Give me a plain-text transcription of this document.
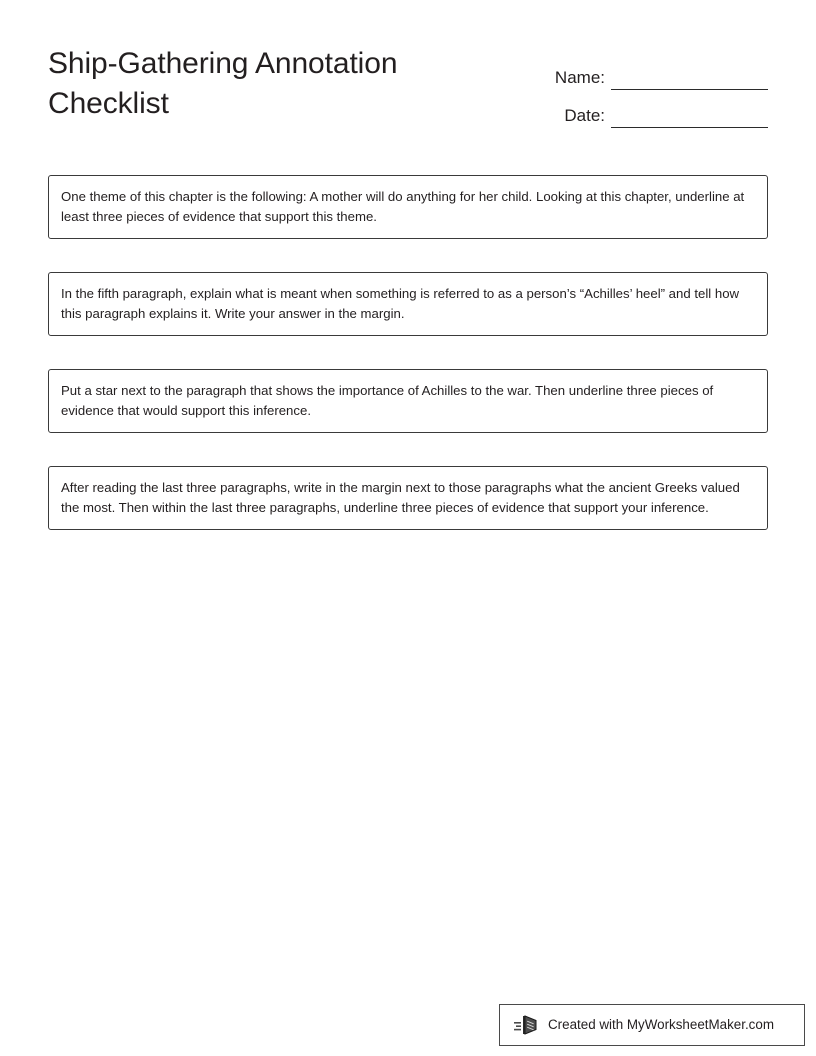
Ship-Gathering Annotation Checklist
Name:
Date:

One theme of this chapter is the following: A mother will do anything for her child. Looking at this chapter, underline at least three pieces of evidence that support this theme.

In the fifth paragraph, explain what is meant when something is referred to as a person’s “Achilles’ heel” and tell how this paragraph explains it. Write your answer in the margin.

Put a star next to the paragraph that shows the importance of Achilles to the war. Then underline three pieces of evidence that would support this inference.

After reading the last three paragraphs, write in the margin next to those paragraphs what the ancient Greeks valued the most. Then within the last three paragraphs, underline three pieces of evidence that support your inference.

Created with MyWorksheetMaker.com
